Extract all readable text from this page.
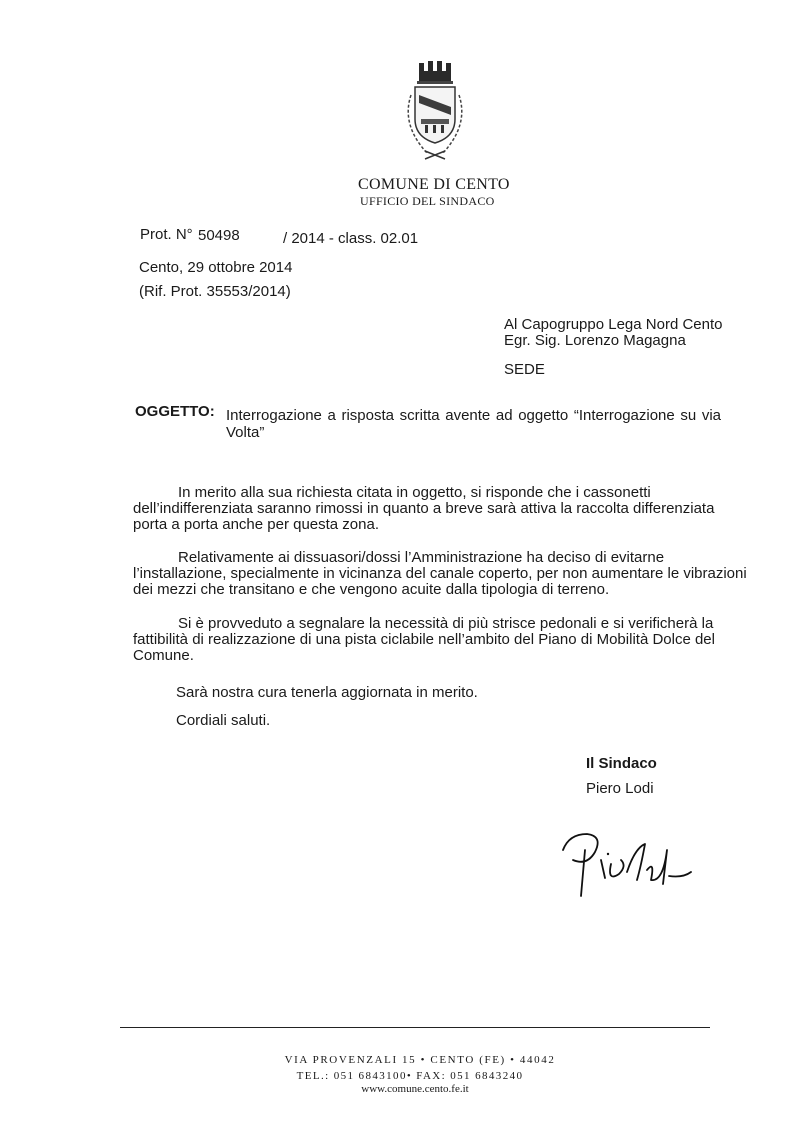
COMUNE DI CENTO
UFFICIO DEL SINDACO
Prot. N° 50498	/ 2014 - class. 02.01
Cento, 29 ottobre 2014
(Rif. Prot. 35553/2014)
Al Capogruppo Lega Nord Cento
Egr. Sig. Lorenzo Magagna
SEDE
OGGETTO: Interrogazione a risposta scritta avente ad oggetto “Interrogazione su via
Volta”

In merito alla sua richiesta citata in oggetto, si risponde che i cassonetti

dell’indifferenziata saranno rimossi in quanto a breve sarà attiva la raccolta differenziata

porta a porta anche per questa zona.

Relativamente ai dissuasori/dossi l’Amministrazione ha deciso di evitarne

l’installazione, specialmente in vicinanza del canale coperto, per non aumentare le vibrazioni

dei mezzi che transitano e che vengono acuite dalla tipologia di terreno.

Si è provveduto a segnalare la necessità di più strisce pedonali e si verificherà la

fattibilità di realizzazione di una pista ciclabile nell’ambito del Piano di Mobilità Dolce del

Comune.

Sarà nostra cura tenerla aggiornata in merito.
Cordiali saluti.
Il Sindaco
Piero Lodi
VIA PROVENZALI 15 • CENTO (FE) • 44042
TEL.: 051 6843100• FAX: 051 6843240
www.comune.cento.fe.it
